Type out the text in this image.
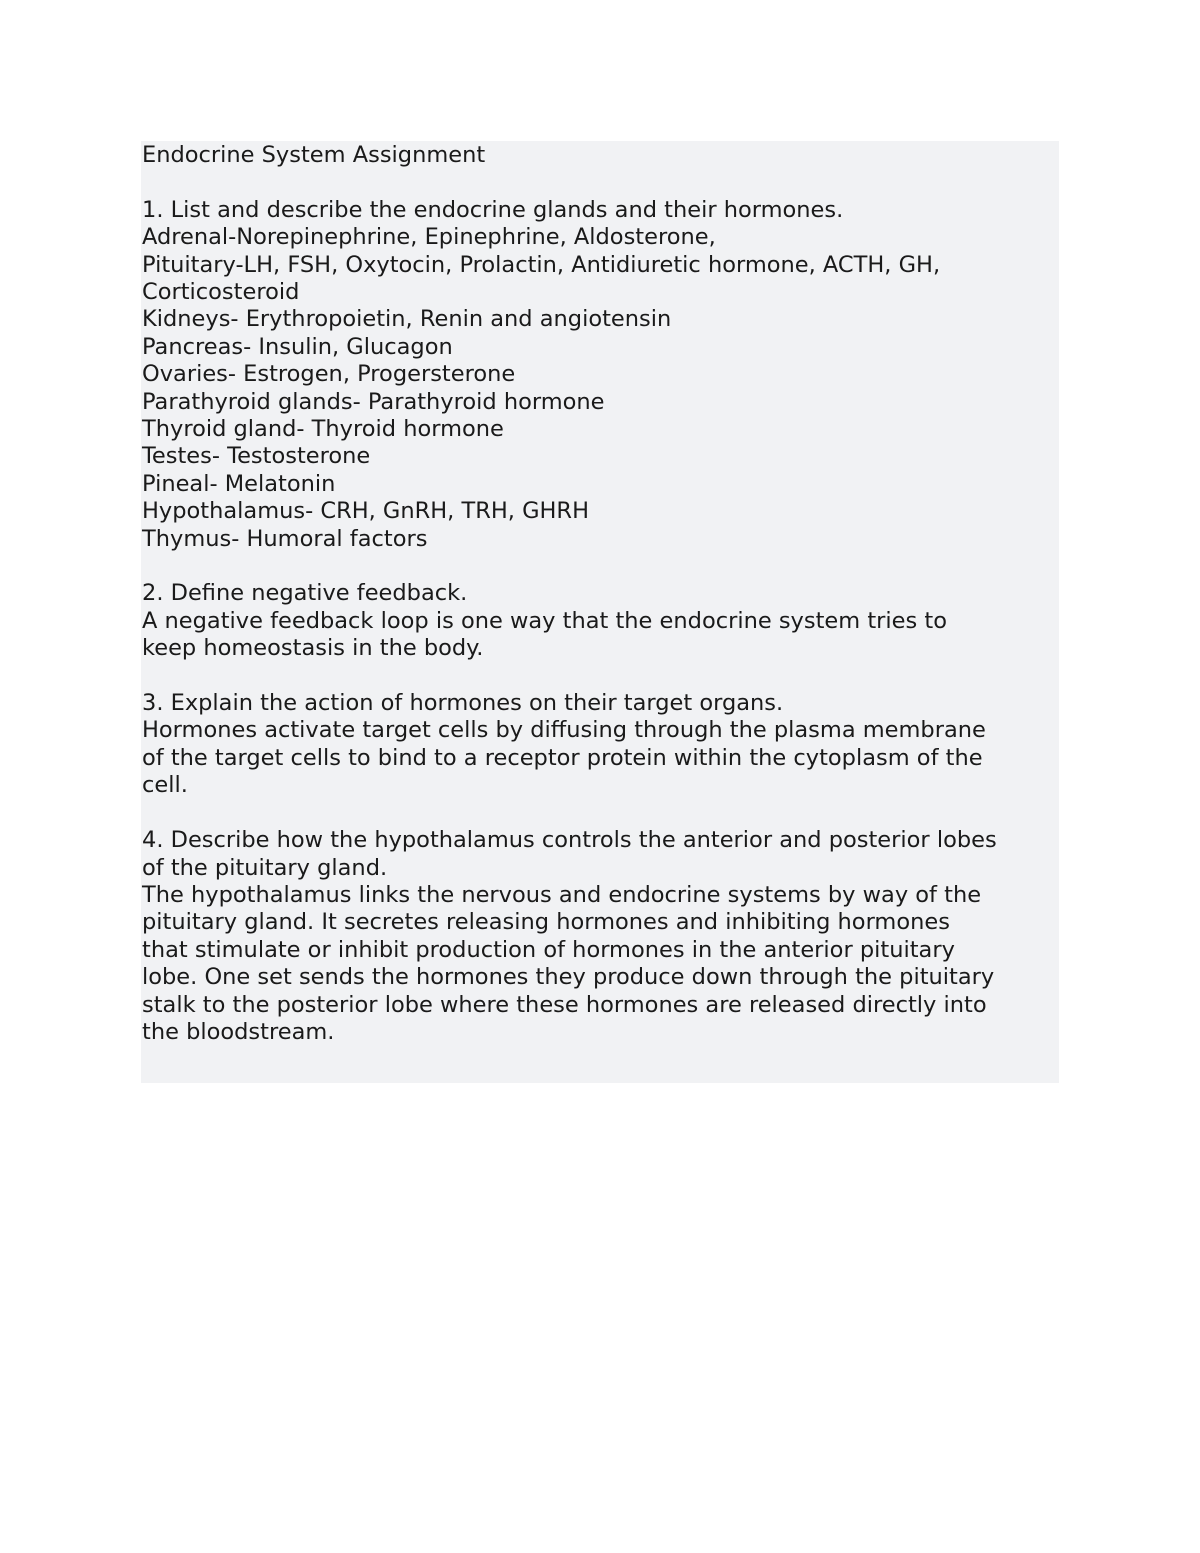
Endocrine System Assignment
1. List and describe the endocrine glands and their hormones.
Adrenal-Norepinephrine, Epinephrine, Aldosterone,
Pituitary-LH, FSH, Oxytocin, Prolactin, Antidiuretic hormone, ACTH, GH,
Corticosteroid
Kidneys- Erythropoietin, Renin and angiotensin
Pancreas- Insulin, Glucagon
Ovaries- Estrogen, Progersterone
Parathyroid glands- Parathyroid hormone
Thyroid gland- Thyroid hormone
Testes- Testosterone
Pineal- Melatonin
Hypothalamus- CRH, GnRH, TRH, GHRH
Thymus- Humoral factors
2. Define negative feedback.
A negative feedback loop is one way that the endocrine system tries to
keep homeostasis in the body.
3. Explain the action of hormones on their target organs.
Hormones activate target cells by diffusing through the plasma membrane
of the target cells to bind to a receptor protein within the cytoplasm of the
cell.
4. Describe how the hypothalamus controls the anterior and posterior lobes
of the pituitary gland.
The hypothalamus links the nervous and endocrine systems by way of the
pituitary gland. It secretes releasing hormones and inhibiting hormones
that stimulate or inhibit production of hormones in the anterior pituitary
lobe. One set sends the hormones they produce down through the pituitary
stalk to the posterior lobe where these hormones are released directly into
the bloodstream.
